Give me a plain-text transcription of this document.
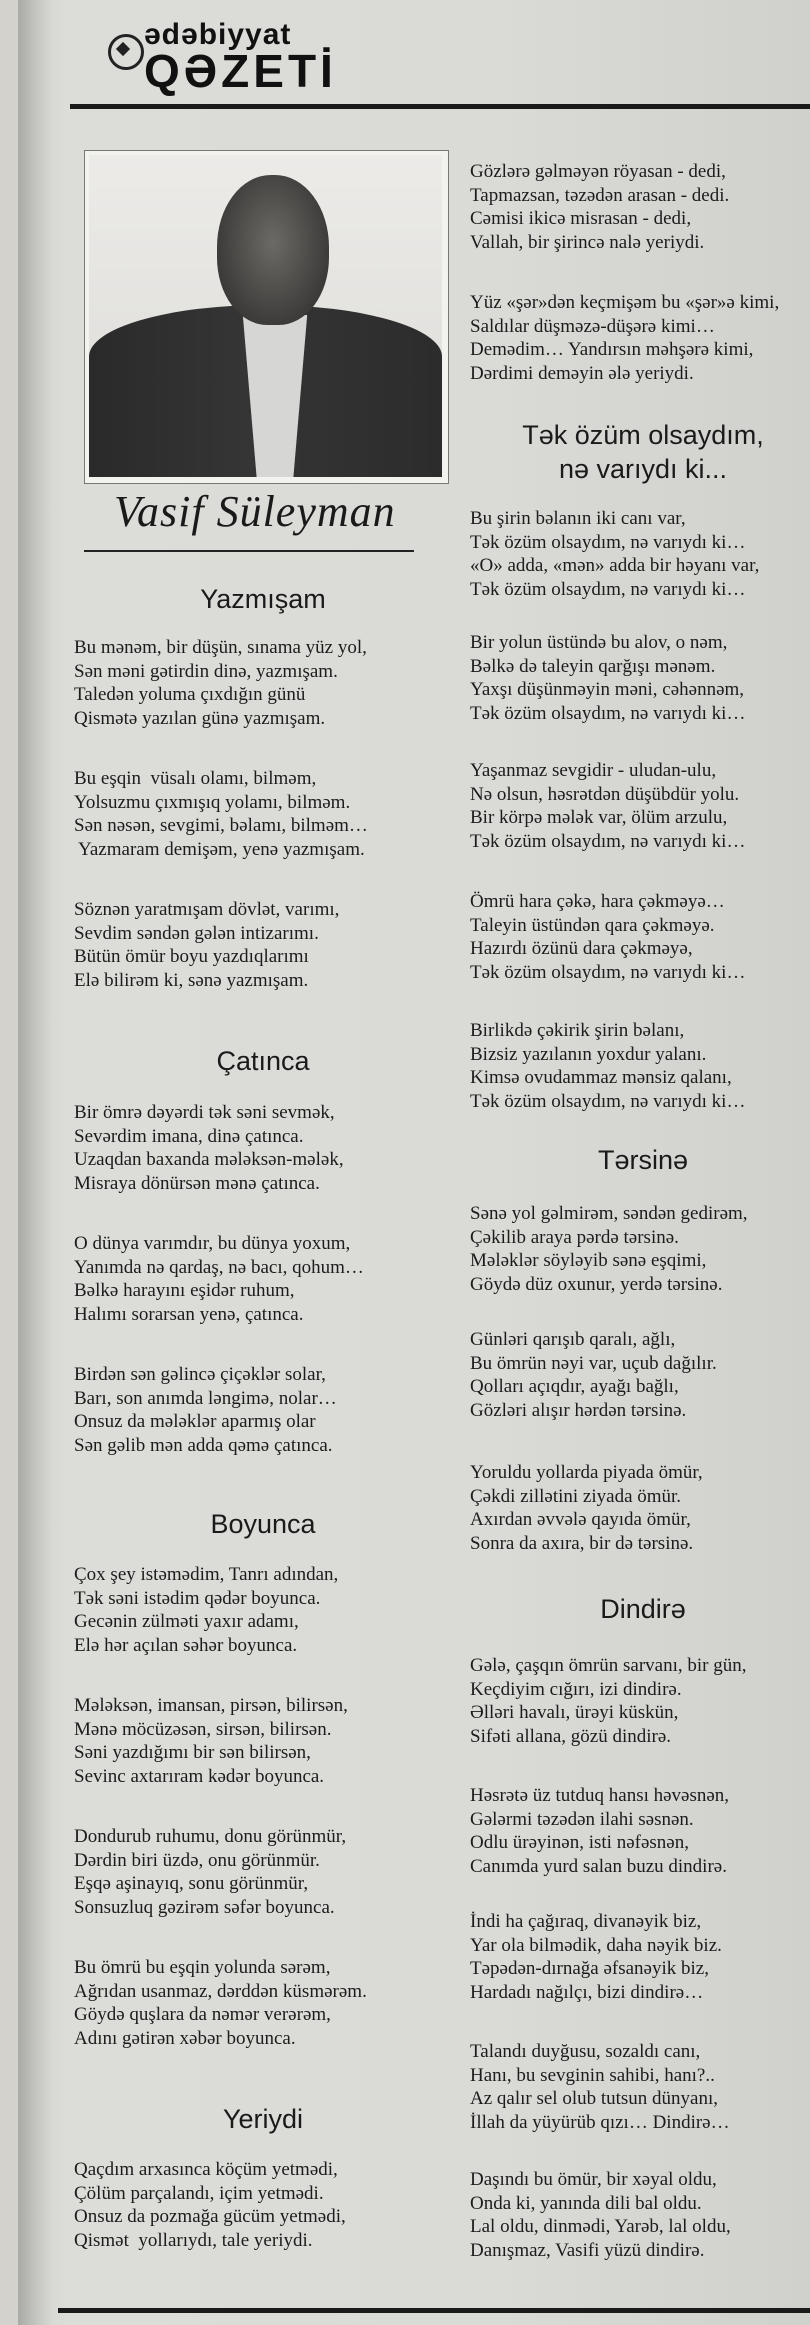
ədəbiyyat
QƏZETİ
Vasif Süleyman
Yazmışam
Bu mənəm, bir düşün, sınama yüz yol,
Sən məni gətirdin dinə, yazmışam.
Taledən yoluma çıxdığın günü
Qismətə yazılan günə yazmışam.
Bu eşqin  vüsalı olamı, bilməm,
Yolsuzmu çıxmışıq yolamı, bilməm.
Sən nəsən, sevgimi, bəlamı, bilməm…
Yazmaram demişəm, yenə yazmışam.
Söznən yaratmışam dövlət, varımı,
Sevdim səndən gələn intizarımı.
Bütün ömür boyu yazdıqlarımı
Elə bilirəm ki, sənə yazmışam.
Çatınca
Bir ömrə dəyərdi tək səni sevmək,
Sevərdim imana, dinə çatınca.
Uzaqdan baxanda mələksən-mələk,
Misraya dönürsən mənə çatınca.
O dünya varımdır, bu dünya yoxum,
Yanımda nə qardaş, nə bacı, qohum…
Bəlkə harayını eşidər ruhum,
Halımı sorarsan yenə, çatınca.
Birdən sən gəlincə çiçəklər solar,
Barı, son anımda ləngimə, nolar…
Onsuz da mələklər aparmış olar
Sən gəlib mən adda qəmə çatınca.
Boyunca
Çox şey istəmədim, Tanrı adından,
Tək səni istədim qədər boyunca.
Gecənin zülməti yaxır adamı,
Elə hər açılan səhər boyunca.
Mələksən, imansan, pirsən, bilirsən,
Mənə möcüzəsən, sirsən, bilirsən.
Səni yazdığımı bir sən bilirsən,
Sevinc axtarıram kədər boyunca.
Dondurub ruhumu, donu görünmür,
Dərdin biri üzdə, onu görünmür.
Eşqə aşinayıq, sonu görünmür,
Sonsuzluq gəzirəm səfər boyunca.
Bu ömrü bu eşqin yolunda sərəm,
Ağrıdan usanmaz, dərddən küsmərəm.
Göydə quşlara da nəmər verərəm,
Adını gətirən xəbər boyunca.
Yeriydi
Qaçdım arxasınca köçüm yetmədi,
Çölüm parçalandı, içim yetmədi.
Onsuz da pozmağa gücüm yetmədi,
Qismət  yollarıydı, tale yeriydi.
Gözlərə gəlməyən röyasan - dedi,
Tapmazsan, təzədən arasan - dedi.
Cəmisi ikicə misrasan - dedi,
Vallah, bir şirincə nalə yeriydi.
Yüz «şər»dən keçmişəm bu «şər»ə kimi,
Saldılar düşməzə-düşərə kimi…
Demədim… Yandırsın məhşərə kimi,
Dərdimi deməyin ələ yeriydi.
Tək özüm olsaydım,
nə varıydı ki...
Bu şirin bəlanın iki canı var,
Tək özüm olsaydım, nə varıydı ki…
«O» adda, «mən» adda bir həyanı var,
Tək özüm olsaydım, nə varıydı ki…
Bir yolun üstündə bu alov, o nəm,
Bəlkə də taleyin qarğışı mənəm.
Yaxşı düşünməyin məni, cəhənnəm,
Tək özüm olsaydım, nə varıydı ki…
Yaşanmaz sevgidir - uludan-ulu,
Nə olsun, həsrətdən düşübdür yolu.
Bir körpə mələk var, ölüm arzulu,
Tək özüm olsaydım, nə varıydı ki…
Ömrü hara çəkə, hara çəkməyə…
Taleyin üstündən qara çəkməyə.
Hazırdı özünü dara çəkməyə,
Tək özüm olsaydım, nə varıydı ki…
Birlikdə çəkirik şirin bəlanı,
Bizsiz yazılanın yoxdur yalanı.
Kimsə ovudammaz mənsiz qalanı,
Tək özüm olsaydım, nə varıydı ki…
Tərsinə
Sənə yol gəlmirəm, səndən gedirəm,
Çəkilib araya pərdə tərsinə.
Mələklər söyləyib sənə eşqimi,
Göydə düz oxunur, yerdə tərsinə.
Günləri qarışıb qaralı, ağlı,
Bu ömrün nəyi var, uçub dağılır.
Qolları açıqdır, ayağı bağlı,
Gözləri alışır hərdən tərsinə.
Yoruldu yollarda piyada ömür,
Çəkdi zillətini ziyada ömür.
Axırdan əvvələ qayıda ömür,
Sonra da axıra, bir də tərsinə.
Dindirə
Gələ, çaşqın ömrün sarvanı, bir gün,
Keçdiyim cığırı, izi dindirə.
Əlləri havalı, ürəyi küskün,
Sifəti allana, gözü dindirə.
Həsrətə üz tutduq hansı həvəsnən,
Gələrmi təzədən ilahi səsnən.
Odlu ürəyinən, isti nəfəsnən,
Canımda yurd salan buzu dindirə.
İndi ha çağıraq, divanəyik biz,
Yar ola bilmədik, daha nəyik biz.
Təpədən-dırnağa əfsanəyik biz,
Hardadı nağılçı, bizi dindirə…
Talandı duyğusu, sozaldı canı,
Hanı, bu sevginin sahibi, hanı?..
Az qalır sel olub tutsun dünyanı,
İllah da yüyürüb qızı… Dindirə…
Daşındı bu ömür, bir xəyal oldu,
Onda ki, yanında dili bal oldu.
Lal oldu, dinmədi, Yarəb, lal oldu,
Danışmaz, Vasifi yüzü dindirə.
